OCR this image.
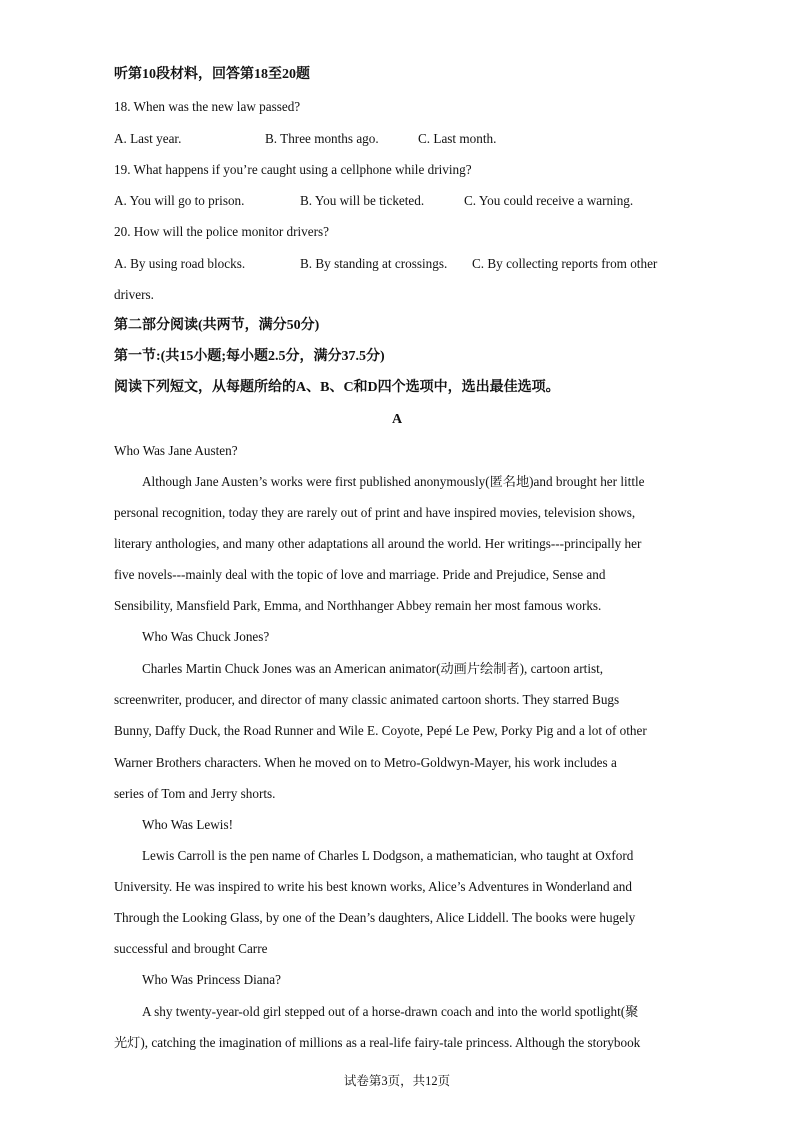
听第10段材料，回答第18至20题
18. When was the new law passed?
A. Last year.	B. Three months ago.	C. Last month.
19. What happens if you’re caught using a cellphone while driving?
A. You will go to prison.	B. You will be ticketed.	C. You could receive a warning.
20. How will the police monitor drivers?
A. By using road blocks.	B. By standing at crossings. C. By collecting reports from other
drivers.
第二部分阅读(共两节，满分50分)
第一节:(共15小题;每小题2.5分，满分37.5分)
阅读下列短文，从每题所给的A、B、C和D四个选项中，选出最佳选项。
A
Who Was Jane Austen?
Although Jane Austen’s works were first published anonymously(匿名地)and brought her little
personal recognition, today they are rarely out of print and have inspired movies, television shows,
literary anthologies, and many other adaptations all around the world. Her writings---principally her
five novels---mainly deal with the topic of love and marriage. Pride and Prejudice, Sense and
Sensibility, Mansfield Park, Emma, and Northhanger Abbey remain her most famous works.
Who Was Chuck Jones?
Charles Martin Chuck Jones was an American animator(动画片绘制者), cartoon artist,
screenwriter, producer, and director of many classic animated cartoon shorts. They starred Bugs
Bunny, Daffy Duck, the Road Runner and Wile E. Coyote, Pepé Le Pew, Porky Pig and a lot of other
Warner Brothers characters. When he moved on to Metro-Goldwyn-Mayer, his work includes a
series of Tom and Jerry shorts.
Who Was Lewis!
Lewis Carroll is the pen name of Charles L Dodgson, a mathematician, who taught at Oxford
University. He was inspired to write his best known works, Alice’s Adventures in Wonderland and
Through the Looking Glass, by one of the Dean’s daughters, Alice Liddell. The books were hugely
successful and brought Carre
Who Was Princess Diana?
A shy twenty-year-old girl stepped out of a horse-drawn coach and into the world spotlight(聚
光灯), catching the imagination of millions as a real-life fairy-tale princess. Although the storybook
试卷第3页，共12页
